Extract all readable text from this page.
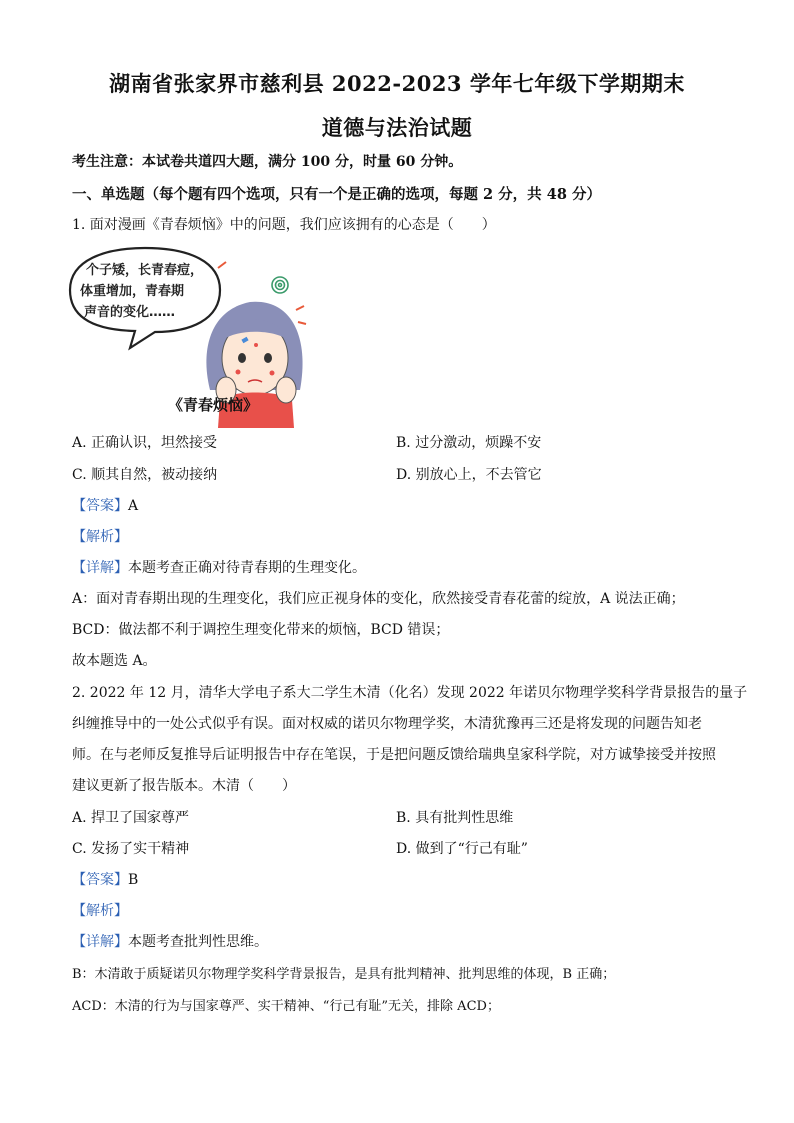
湖南省张家界市慈利县 2022-2023 学年七年级下学期期末
道德与法治试题
考生注意：本试卷共道四大题，满分 100 分，时量 60 分钟。
一、单选题（每个题有四个选项，只有一个是正确的选项，每题 2 分，共 48 分）
1. 面对漫画《青春烦恼》中的问题，我们应该拥有的心态是（　　）
个子矮，长青春痘，
体重增加，青春期
声音的变化……
《青春烦恼》
A. 正确认识，坦然接受	B. 过分激动，烦躁不安
C. 顺其自然，被动接纳	D. 别放心上，不去管它
【答案】A
【解析】
【详解】本题考查正确对待青春期的生理变化。
A：面对青春期出现的生理变化，我们应正视身体的变化，欣然接受青春花蕾的绽放，A 说法正确；
BCD：做法都不利于调控生理变化带来的烦恼，BCD 错误；
故本题选 A。
2. 2022 年 12 月，清华大学电子系大二学生木清（化名）发现 2022 年诺贝尔物理学奖科学背景报告的量子
纠缠推导中的一处公式似乎有误。面对权威的诺贝尔物理学奖，木清犹豫再三还是将发现的问题告知老
师。在与老师反复推导后证明报告中存在笔误，于是把问题反馈给瑞典皇家科学院，对方诚挚接受并按照
建议更新了报告版本。木清（　　）
A. 捍卫了国家尊严	B. 具有批判性思维
C. 发扬了实干精神	D. 做到了“行己有耻”
【答案】B
【解析】
【详解】本题考查批判性思维。
B：木清敢于质疑诺贝尔物理学奖科学背景报告，是具有批判精神、批判思维的体现，B 正确；
ACD：木清的行为与国家尊严、实干精神、“行己有耻”无关，排除 ACD；
